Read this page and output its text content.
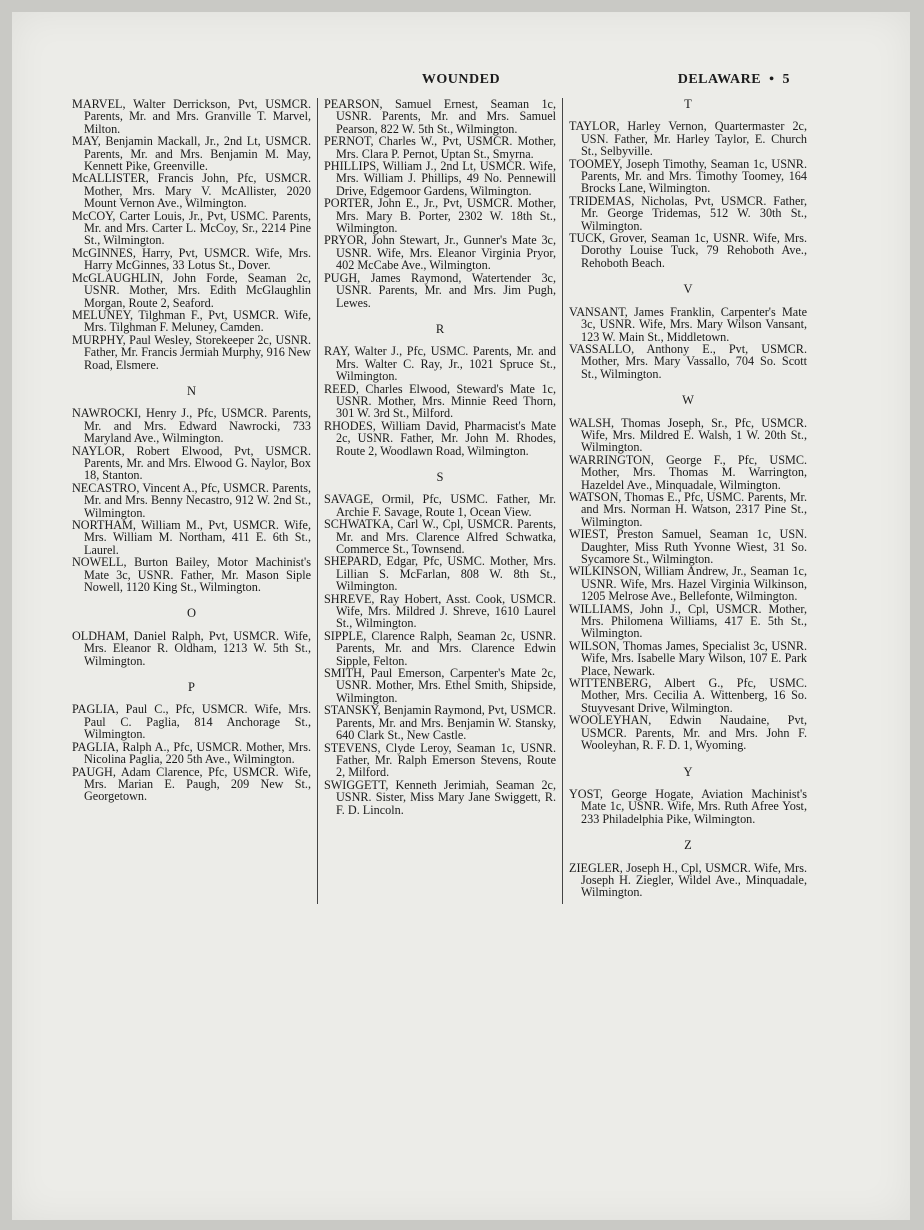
WOUNDED	DELAWARE • 5
MARVEL, Walter Derrickson, Pvt, USMCR. Parents, Mr. and Mrs. Granville T. Marvel, Milton.
MAY, Benjamin Mackall, Jr., 2nd Lt, USMCR. Parents, Mr. and Mrs. Benjamin M. May, Kennett Pike, Greenville.
McALLISTER, Francis John, Pfc, USMCR. Mother, Mrs. Mary V. McAllister, 2020 Mount Vernon Ave., Wilmington.
McCOY, Carter Louis, Jr., Pvt, USMC. Parents, Mr. and Mrs. Carter L. McCoy, Sr., 2214 Pine St., Wilmington.
McGINNES, Harry, Pvt, USMCR. Wife, Mrs. Harry McGinnes, 33 Lotus St., Dover.
McGLAUGHLIN, John Forde, Seaman 2c, USNR. Mother, Mrs. Edith McGlaughlin Morgan, Route 2, Seaford.
MELUNEY, Tilghman F., Pvt, USMCR. Wife, Mrs. Tilghman F. Meluney, Camden.
MURPHY, Paul Wesley, Storekeeper 2c, USNR. Father, Mr. Francis Jermiah Murphy, 916 New Road, Elsmere.
N
NAWROCKI, Henry J., Pfc, USMCR. Parents, Mr. and Mrs. Edward Nawrocki, 733 Maryland Ave., Wilmington.
NAYLOR, Robert Elwood, Pvt, USMCR. Parents, Mr. and Mrs. Elwood G. Naylor, Box 18, Stanton.
NECASTRO, Vincent A., Pfc, USMCR. Parents, Mr. and Mrs. Benny Necastro, 912 W. 2nd St., Wilmington.
NORTHAM, William M., Pvt, USMCR. Wife, Mrs. William M. Northam, 411 E. 6th St., Laurel.
NOWELL, Burton Bailey, Motor Machinist's Mate 3c, USNR. Father, Mr. Mason Siple Nowell, 1120 King St., Wilmington.
O
OLDHAM, Daniel Ralph, Pvt, USMCR. Wife, Mrs. Eleanor R. Oldham, 1213 W. 5th St., Wilmington.
P
PAGLIA, Paul C., Pfc, USMCR. Wife, Mrs. Paul C. Paglia, 814 Anchorage St., Wilmington.
PAGLIA, Ralph A., Pfc, USMCR. Mother, Mrs. Nicolina Paglia, 220 5th Ave., Wilmington.
PAUGH, Adam Clarence, Pfc, USMCR. Wife, Mrs. Marian E. Paugh, 209 New St., Georgetown.
PEARSON, Samuel Ernest, Seaman 1c, USNR. Parents, Mr. and Mrs. Samuel Pearson, 822 W. 5th St., Wilmington.
PERNOT, Charles W., Pvt, USMCR. Mother, Mrs. Clara P. Pernot, Uptan St., Smyrna.
PHILLIPS, William J., 2nd Lt, USMCR. Wife, Mrs. William J. Phillips, 49 No. Pennewill Drive, Edgemoor Gardens, Wilmington.
PORTER, John E., Jr., Pvt, USMCR. Mother, Mrs. Mary B. Porter, 2302 W. 18th St., Wilmington.
PRYOR, John Stewart, Jr., Gunner's Mate 3c, USNR. Wife, Mrs. Eleanor Virginia Pryor, 402 McCabe Ave., Wilmington.
PUGH, James Raymond, Watertender 3c, USNR. Parents, Mr. and Mrs. Jim Pugh, Lewes.
R
RAY, Walter J., Pfc, USMC. Parents, Mr. and Mrs. Walter C. Ray, Jr., 1021 Spruce St., Wilmington.
REED, Charles Elwood, Steward's Mate 1c, USNR. Mother, Mrs. Minnie Reed Thorn, 301 W. 3rd St., Milford.
RHODES, William David, Pharmacist's Mate 2c, USNR. Father, Mr. John M. Rhodes, Route 2, Woodlawn Road, Wilmington.
S
SAVAGE, Ormil, Pfc, USMC. Father, Mr. Archie F. Savage, Route 1, Ocean View.
SCHWATKA, Carl W., Cpl, USMCR. Parents, Mr. and Mrs. Clarence Alfred Schwatka, Commerce St., Townsend.
SHEPARD, Edgar, Pfc, USMC. Mother, Mrs. Lillian S. McFarlan, 808 W. 8th St., Wilmington.
SHREVE, Ray Hobert, Asst. Cook, USMCR. Wife, Mrs. Mildred J. Shreve, 1610 Laurel St., Wilmington.
SIPPLE, Clarence Ralph, Seaman 2c, USNR. Parents, Mr. and Mrs. Clarence Edwin Sipple, Felton.
SMITH, Paul Emerson, Carpenter's Mate 2c, USNR. Mother, Mrs. Ethel Smith, Shipside, Wilmington.
STANSKY, Benjamin Raymond, Pvt, USMCR. Parents, Mr. and Mrs. Benjamin W. Stansky, 640 Clark St., New Castle.
STEVENS, Clyde Leroy, Seaman 1c, USNR. Father, Mr. Ralph Emerson Stevens, Route 2, Milford.
SWIGGETT, Kenneth Jerimiah, Seaman 2c, USNR. Sister, Miss Mary Jane Swiggett, R. F. D. Lincoln.
T
TAYLOR, Harley Vernon, Quartermaster 2c, USN. Father, Mr. Harley Taylor, E. Church St., Selbyville.
TOOMEY, Joseph Timothy, Seaman 1c, USNR. Parents, Mr. and Mrs. Timothy Toomey, 164 Brocks Lane, Wilmington.
TRIDEMAS, Nicholas, Pvt, USMCR. Father, Mr. George Tridemas, 512 W. 30th St., Wilmington.
TUCK, Grover, Seaman 1c, USNR. Wife, Mrs. Dorothy Louise Tuck, 79 Rehoboth Ave., Rehoboth Beach.
V
VANSANT, James Franklin, Carpenter's Mate 3c, USNR. Wife, Mrs. Mary Wilson Vansant, 123 W. Main St., Middletown.
VASSALLO, Anthony E., Pvt, USMCR. Mother, Mrs. Mary Vassallo, 704 So. Scott St., Wilmington.
W
WALSH, Thomas Joseph, Sr., Pfc, USMCR. Wife, Mrs. Mildred E. Walsh, 1 W. 20th St., Wilmington.
WARRINGTON, George F., Pfc, USMC. Mother, Mrs. Thomas M. Warrington, Hazeldel Ave., Minquadale, Wilmington.
WATSON, Thomas E., Pfc, USMC. Parents, Mr. and Mrs. Norman H. Watson, 2317 Pine St., Wilmington.
WIEST, Preston Samuel, Seaman 1c, USN. Daughter, Miss Ruth Yvonne Wiest, 31 So. Sycamore St., Wilmington.
WILKINSON, William Andrew, Jr., Seaman 1c, USNR. Wife, Mrs. Hazel Virginia Wilkinson, 1205 Melrose Ave., Bellefonte, Wilmington.
WILLIAMS, John J., Cpl, USMCR. Mother, Mrs. Philomena Williams, 417 E. 5th St., Wilmington.
WILSON, Thomas James, Specialist 3c, USNR. Wife, Mrs. Isabelle Mary Wilson, 107 E. Park Place, Newark.
WITTENBERG, Albert G., Pfc, USMC. Mother, Mrs. Cecilia A. Wittenberg, 16 So. Stuyvesant Drive, Wilmington.
WOOLEYHAN, Edwin Naudaine, Pvt, USMCR. Parents, Mr. and Mrs. John F. Wooleyhan, R. F. D. 1, Wyoming.
Y
YOST, George Hogate, Aviation Machinist's Mate 1c, USNR. Wife, Mrs. Ruth Afree Yost, 233 Philadelphia Pike, Wilmington.
Z
ZIEGLER, Joseph H., Cpl, USMCR. Wife, Mrs. Joseph H. Ziegler, Wildel Ave., Minquadale, Wilmington.
